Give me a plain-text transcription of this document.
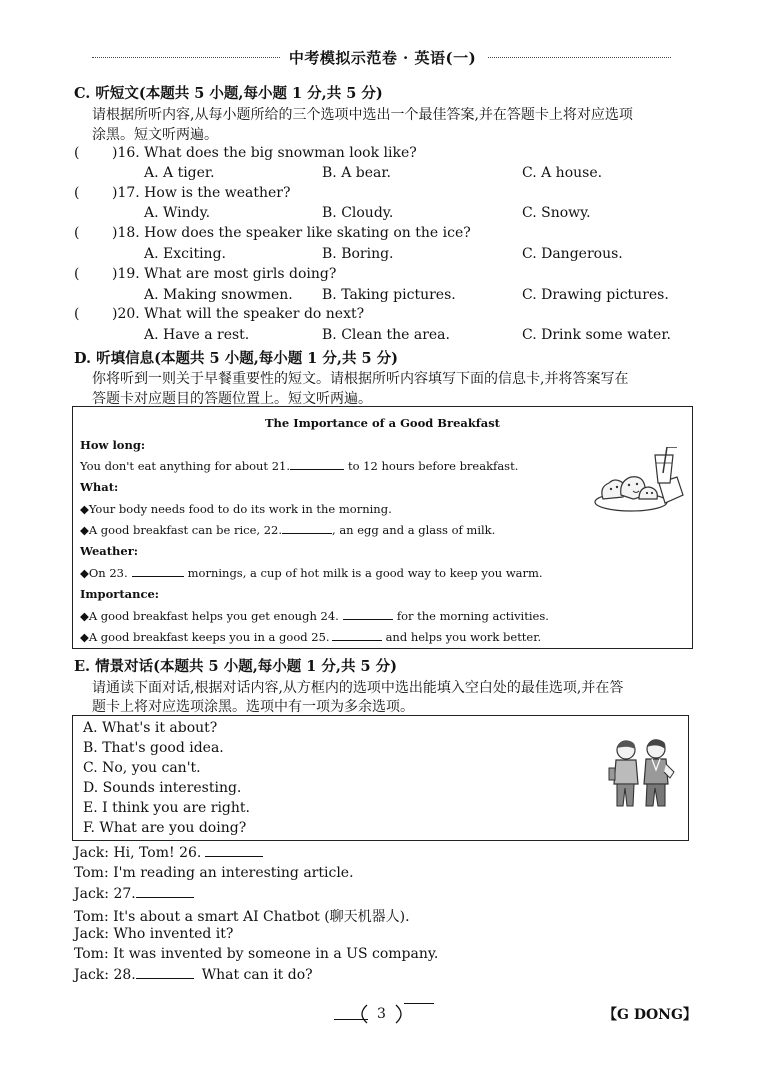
中考模拟示范卷 · 英语(一)
C. 听短文(本题共 5 小题,每小题 1 分,共 5 分)
请根据所听内容,从每小题所给的三个选项中选出一个最佳答案,并在答题卡上将对应选项
涂黑。短文听两遍。
( )16. What does the big snowman look like?
A. A tiger.	B. A bear.	C. A house.
( )17. How is the weather?
A. Windy.	B. Cloudy.	C. Snowy.
( )18. How does the speaker like skating on the ice?
A. Exciting.	B. Boring.	C. Dangerous.
( )19. What are most girls doing?
A. Making snowmen. B. Taking pictures.	C. Drawing pictures.
( )20. What will the speaker do next?
A. Have a rest.	B. Clean the area.	C. Drink some water.
D. 听填信息(本题共 5 小题,每小题 1 分,共 5 分)
你将听到一则关于早餐重要性的短文。请根据所听内容填写下面的信息卡,并将答案写在
答题卡对应题目的答题位置上。短文听两遍。
The Importance of a Good Breakfast
How long:
You don't eat anything for about 21.	to 12 hours before breakfast.
What:
◆Your body needs food to do its work in the morning.
◆A good breakfast can be rice, 22.	, an egg and a glass of milk.
Weather:
◆On 23.	mornings, a cup of hot milk is a good way to keep you warm.
Importance:
◆A good breakfast helps you get enough 24.	for the morning activities.
◆A good breakfast keeps you in a good 25.	and helps you work better.
E. 情景对话(本题共 5 小题,每小题 1 分,共 5 分)
请通读下面对话,根据对话内容,从方框内的选项中选出能填入空白处的最佳选项,并在答
题卡上将对应选项涂黑。选项中有一项为多余选项。
A. What's it about?
B. That's good idea.
C. No, you can't.
D. Sounds interesting.
E. I think you are right.
F. What are you doing?
Jack: Hi, Tom! 26.
Tom: I'm reading an interesting article.
Jack: 27.
Tom: It's about a smart AI Chatbot (聊天机器人).
Jack: Who invented it?
Tom: It was invented by someone in a US company.
Jack: 28.	What can it do?
3	【G DONG】
